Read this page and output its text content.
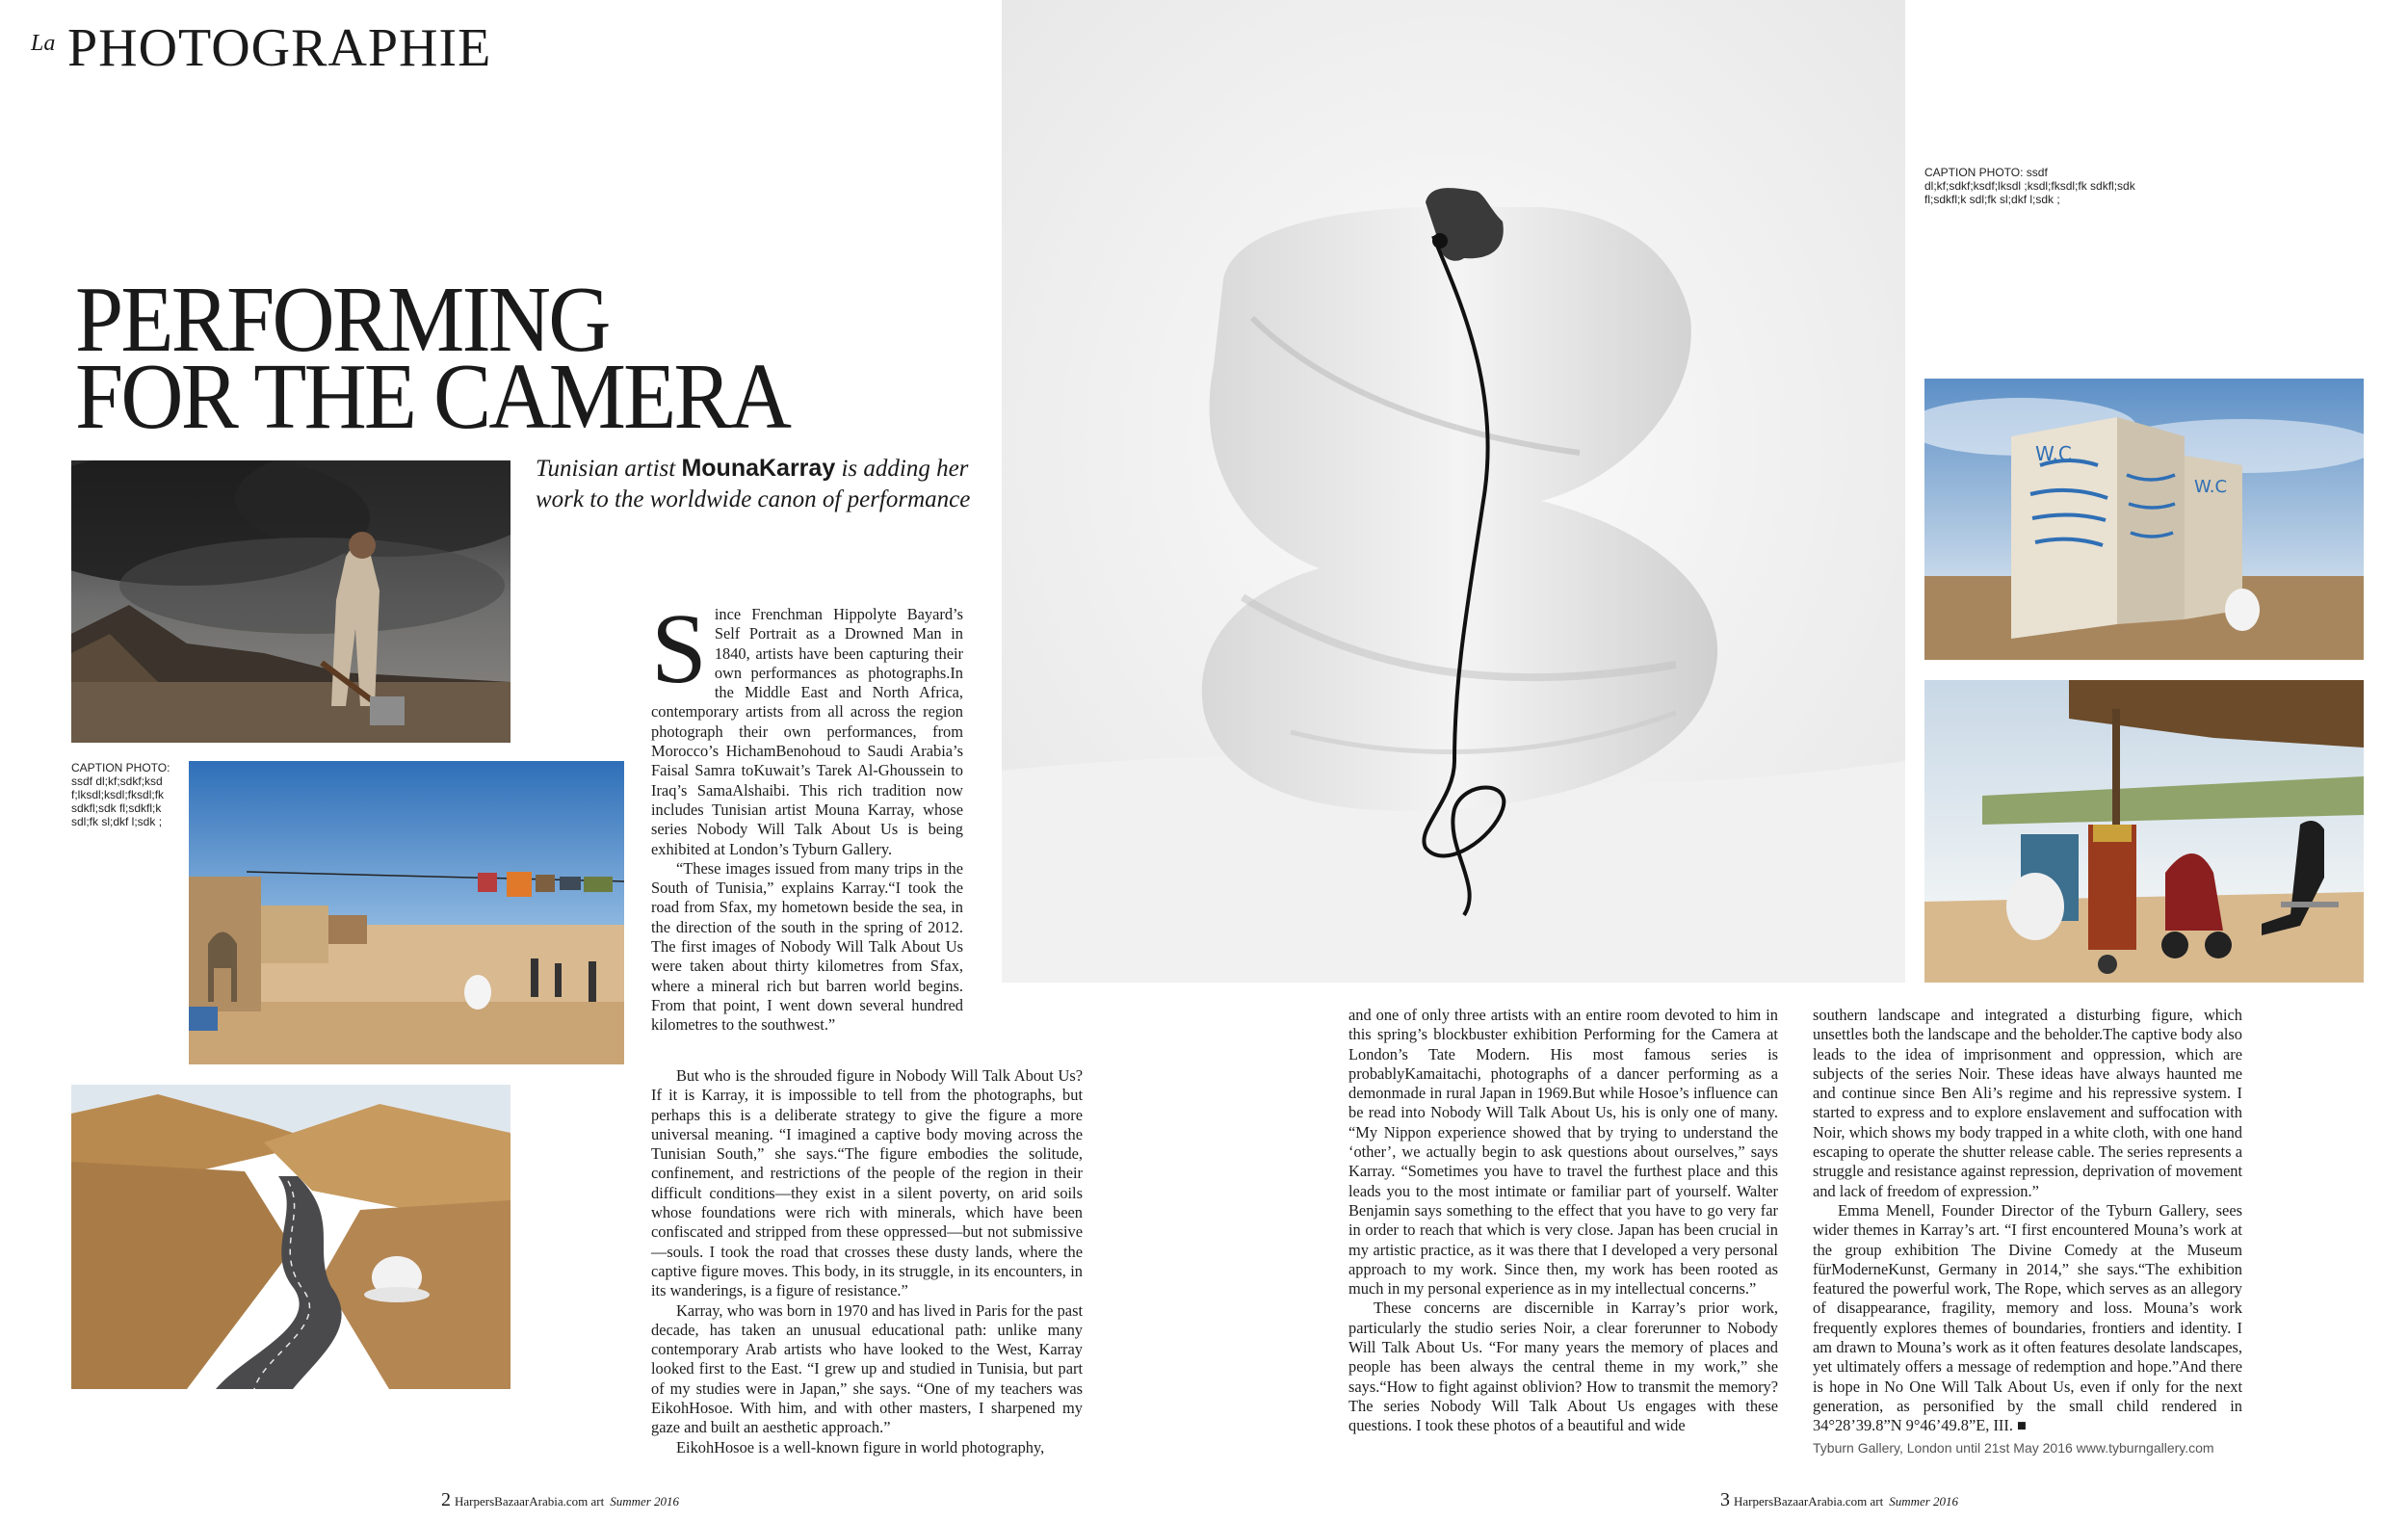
La PHOTOGRAPHIE
PERFORMING
FOR THE CAMERA
Tunisian artist MounaKarray is adding her work to the worldwide canon of performance
CAPTION PHOTO: ssdf dl;kf;sdkf;ksd f;lksdl;ksdl;fksdl;fk sdkfl;sdk fl;sdkfl;k sdl;fk sl;dkf l;sdk ;
CAPTION PHOTO: ssdf dl;kf;sdkf;ksdf;lksdl ;ksdl;fksdl;fk sdkfl;sdk fl;sdkfl;k sdl;fk sl;dkf l;sdk ;
W.C
W.C

Since Frenchman Hippolyte Bayard’s Self Portrait as a Drowned Man in 1840, artists have been capturing their own performances as photographs.In the Middle East and North Africa, contemporary artists from all across the region photograph their own performances, from Morocco’s HichamBenohoud to Saudi Arabia’s Faisal Samra toKuwait’s Tarek Al-Ghoussein to Iraq’s SamaAlshaibi. This rich tradition now includes Tunisian artist Mouna Karray, whose series Nobody Will Talk About Us is being exhibited at London’s Tyburn Gallery.

“These images issued from many trips in the South of Tunisia,” explains Karray.“I took the road from Sfax, my hometown beside the sea, in the direction of the south in the spring of 2012. The first images of Nobody Will Talk About Us were taken about thirty kilometres from Sfax, where a mineral rich but barren world begins. From that point, I went down several hundred kilometres to the southwest.”

But who is the shrouded figure in Nobody Will Talk About Us? If it is Karray, it is impossible to tell from the photographs, but perhaps this is a deliberate strategy to give the figure a more universal meaning. “I imagined a captive body moving across the Tunisian South,” she says.“The figure embodies the solitude, confinement, and restrictions of the people of the region in their difficult conditions—they exist in a silent poverty, on arid soils whose foundations were rich with minerals, which have been confiscated and stripped from these oppressed—but not submissive—souls. I took the road that crosses these dusty lands, where the captive figure moves. This body, in its struggle, in its encounters, in its wanderings, is a figure of resistance.”

Karray, who was born in 1970 and has lived in Paris for the past decade, has taken an unusual educational path: unlike many contemporary Arab artists who have looked to the West, Karray looked first to the East. “I grew up and studied in Tunisia, but part of my studies were in Japan,” she says. “One of my teachers was EikohHosoe. With him, and with other masters, I sharpened my gaze and built an aesthetic approach.”

EikohHosoe is a well-known figure in world photography,

and one of only three artists with an entire room devoted to him in this spring’s blockbuster exhibition Performing for the Camera at London’s Tate Modern. His most famous series is probablyKamaitachi, photographs of a dancer performing as a demonmade in rural Japan in 1969.But while Hosoe’s influence can be read into Nobody Will Talk About Us, his is only one of many. “My Nippon experience showed that by trying to understand the ‘other’, we actually begin to ask questions about ourselves,” says Karray. “Sometimes you have to travel the furthest place and this leads you to the most intimate or familiar part of yourself. Walter Benjamin says something to the effect that you have to go very far in order to reach that which is very close. Japan has been crucial in my artistic practice, as it was there that I developed a very personal approach to my work. Since then, my work has been rooted as much in my personal experience as in my intellectual concerns.”

These concerns are discernible in Karray’s prior work, particularly the studio series Noir, a clear forerunner to Nobody Will Talk About Us. “For many years the memory of places and people has been always the central theme in my work,” she says.“How to fight against oblivion? How to transmit the memory? The series Nobody Will Talk About Us engages with these questions. I took these photos of a beautiful and wide

southern landscape and integrated a disturbing figure, which unsettles both the landscape and the beholder.The captive body also leads to the idea of imprisonment and oppression, which are subjects of the series Noir. These ideas have always haunted me and continue since Ben Ali’s regime and his repressive system. I started to express and to explore enslavement and suffocation with Noir, which shows my body trapped in a white cloth, with one hand escaping to operate the shutter release cable. The series represents a struggle and resistance against repression, deprivation of movement and lack of freedom of expression.”

Emma Menell, Founder Director of the Tyburn Gallery, sees wider themes in Karray’s art. “I first encountered Mouna’s work at the group exhibition The Divine Comedy at the Museum fürModerneKunst, Germany in 2014,” she says.“The exhibition featured the powerful work, The Rope, which serves as an allegory of disappearance, fragility, memory and loss. Mouna’s work frequently explores themes of boundaries, frontiers and identity. I am drawn to Mouna’s work as it often features desolate landscapes, yet ultimately offers a message of redemption and hope.”And there is hope in No One Will Talk About Us, even if only for the next generation, as personified by the small child rendered in 34°28’39.8”N 9°46’49.8”E, III. ■

Tyburn Gallery, London until 21st May 2016 www.tyburngallery.com
2 HarpersBazaarArabia.com art Summer 2016	3 HarpersBazaarArabia.com art Summer 2016
